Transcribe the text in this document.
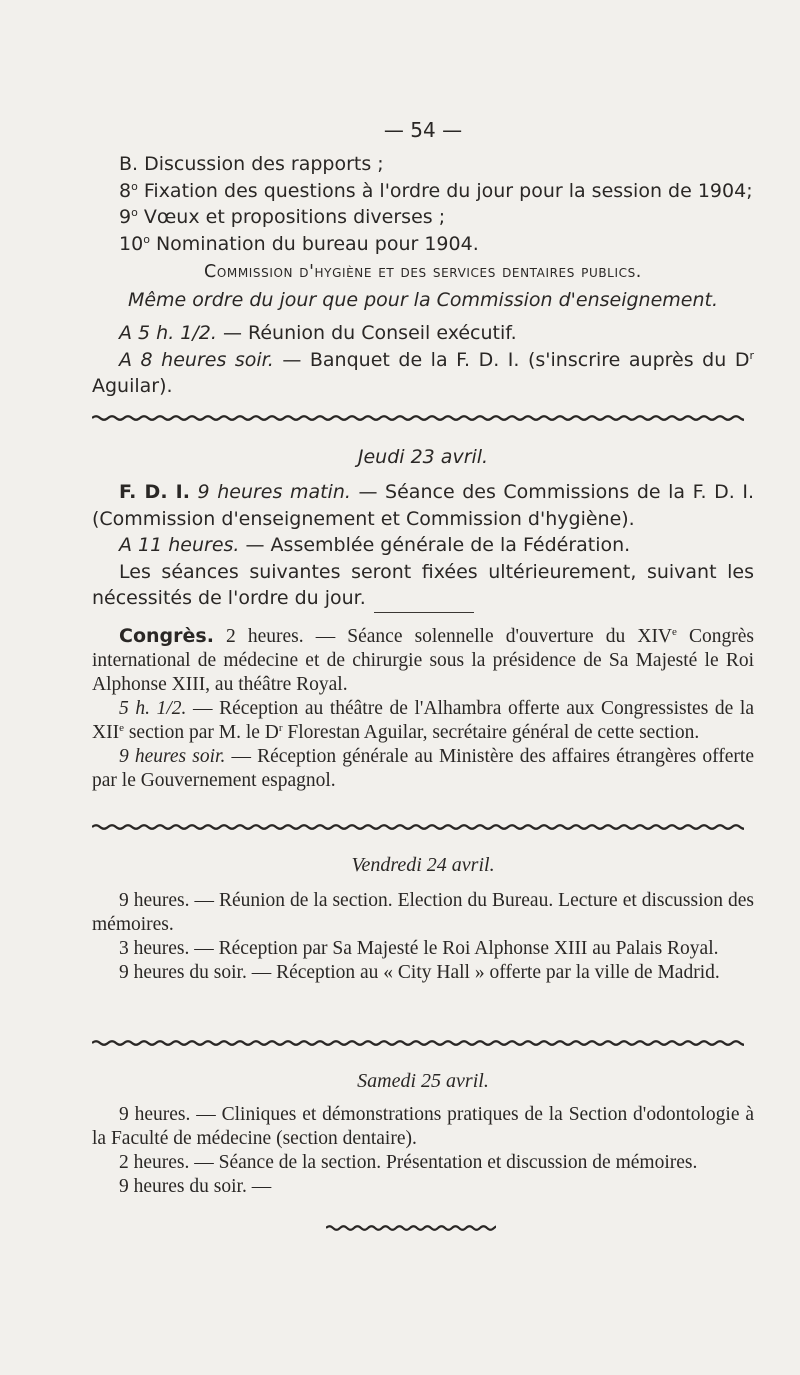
— 54 —
B. Discussion des rapports ;
8$^o$ Fixation des questions à l'ordre du jour pour la session de 1904;
9$^o$ Vœux et propositions diverses ;
10$^o$ Nomination du bureau pour 1904.
Commission d'hygiène et des services dentaires publics.
Même ordre du jour que pour la Commission d'enseignement.
A 5 h. 1/2. — Réunion du Conseil exécutif.
A 8 heures soir. — Banquet de la F. D. I. (s'inscrire auprès du $D^r$ Aguilar).
Jeudi 23 avril.
F. D. I. 9 heures matin. — Séance des Commissions de la F. D. I. (Commission d'enseignement et Commission d'hygiène).
A 11 heures. — Assemblée générale de la Fédération.
Les séances suivantes seront fixées ultérieurement, suivant les nécessités de l'ordre du jour.
Congrès. 2 heures. — Séance solennelle d'ouverture du XIVe Congrès international de médecine et de chirurgie sous la présidence de Sa Majesté le Roi Alphonse XIII, au théâtre Royal.
5 h. 1/2. — Réception au théâtre de l'Alhambra offerte aux Congressistes de la XIIe section par M. le $D^r$ Florestan Aguilar, secrétaire général de cette section.
9 heures soir. — Réception générale au Ministère des affaires étrangères offerte par le Gouvernement espagnol.
Vendredi 24 avril.
9 heures. — Réunion de la section. Election du Bureau. Lecture et discussion des mémoires.
3 heures. — Réception par Sa Majesté le Roi Alphonse XIII au Palais Royal.
9 heures du soir. — Réception au « City Hall » offerte par la ville de Madrid.
Samedi 25 avril.
9 heures. — Cliniques et démonstrations pratiques de la Section d'odontologie à la Faculté de médecine (section dentaire).
2 heures. — Séance de la section. Présentation et discussion de mémoires.
9 heures du soir. —
